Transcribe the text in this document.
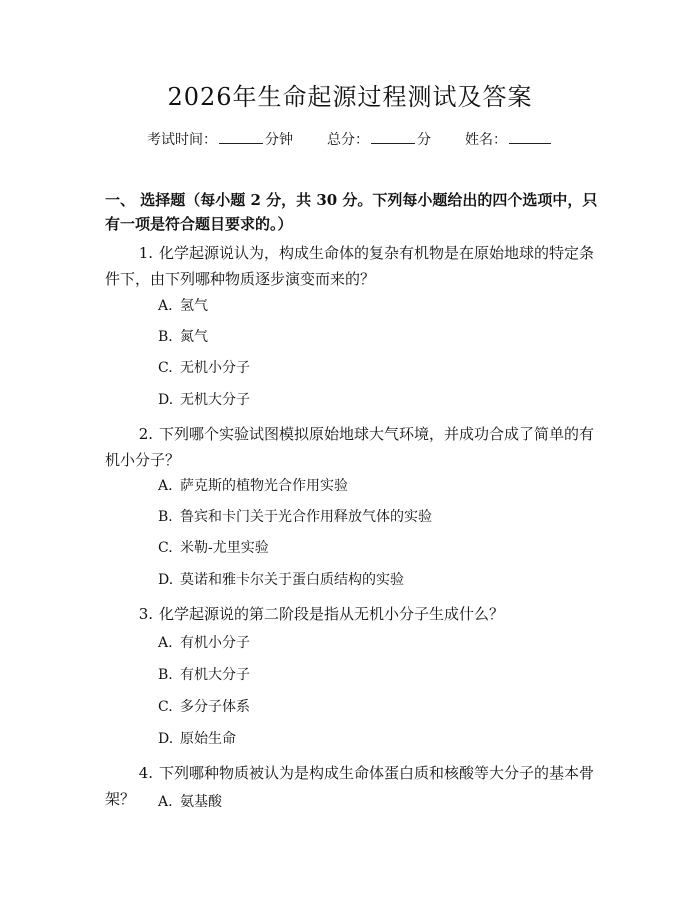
2026年生命起源过程测试及答案
考试时间：	分钟 总分：	分 姓名：
一、 选择题（每小题 2 分，共 30 分。下列每小题给出的四个选项中，只有一项是符合题目要求的。）
1. 化学起源说认为，构成生命体的复杂有机物是在原始地球的特定条件下，由下列哪种物质逐步演变而来的？
A. 氢气
B. 氮气
C. 无机小分子
D. 无机大分子
2. 下列哪个实验试图模拟原始地球大气环境，并成功合成了简单的有机小分子？
A. 萨克斯的植物光合作用实验
B. 鲁宾和卡门关于光合作用释放气体的实验
C. 米勒-尤里实验
D. 莫诺和雅卡尔关于蛋白质结构的实验
3. 化学起源说的第二阶段是指从无机小分子生成什么？
A. 有机小分子
B. 有机大分子
C. 多分子体系
D. 原始生命
4. 下列哪种物质被认为是构成生命体蛋白质和核酸等大分子的基本骨架？	A. 氨基酸
